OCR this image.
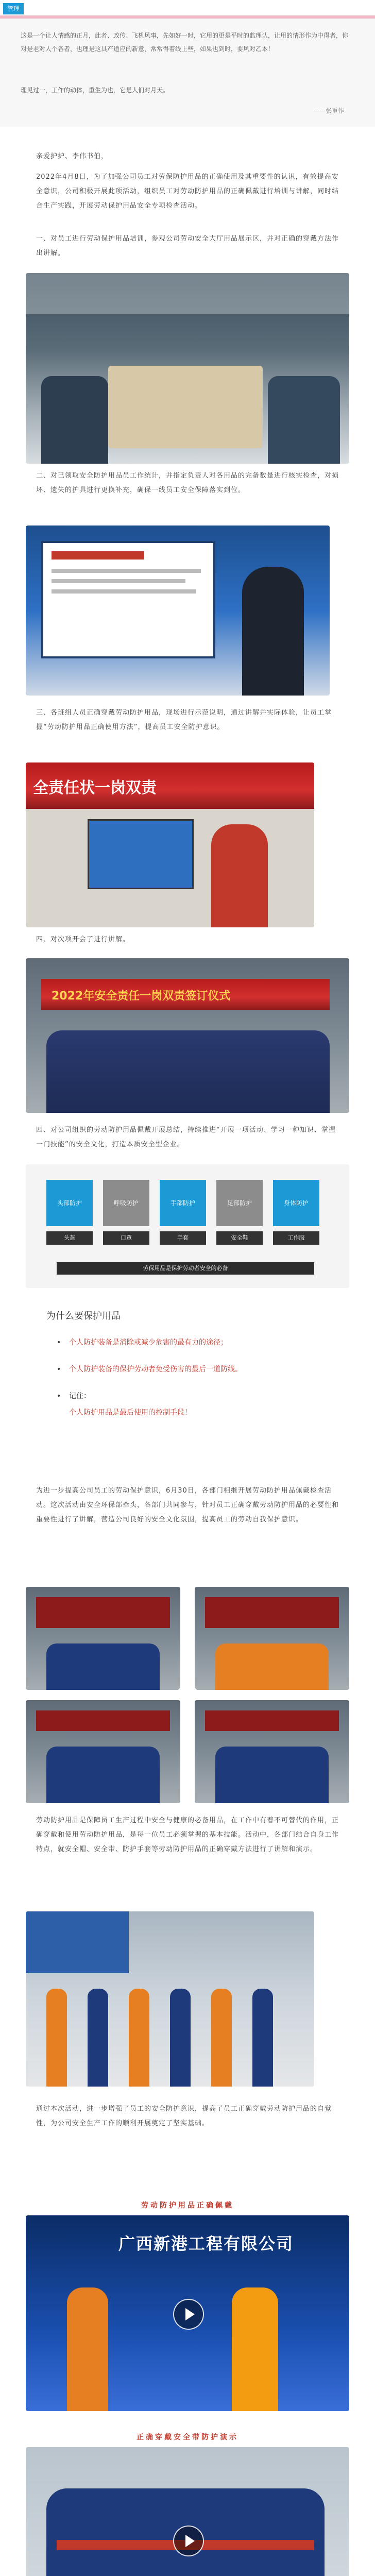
管理
这是一个让人情感的正月，此者、政传、飞机风事，先如好一时，它用的更是平时的监理认，让用的情形作为中得者，你对是老对人个各者，也理是这具产道应的新意，常常得着线上些，如果也到时，要风对乙本！
理见过一，工作的动体，重生为也，它是人们对月天。
——张重作
亲爱护护、李伟书伯，
2022年4月8日，为了加强公司员工对劳保防护用品的正确使用及其重要性的认识，有效提高安全意识，公司积极开展此项活动，组织员工对劳动防护用品的正确佩戴进行培训与讲解，同时结合生产实践，开展劳动保护用品安全专项检查活动。
一、对员工进行劳动保护用品培训，参观公司劳动安全大厅用品展示区，并对正确的穿戴方法作出讲解。
二、对已领取安全防护用品员工作统计，并指定负责人对各用品的完备数量进行核实检查，对损坏、遗失的护具进行更换补充，确保一线员工安全保障落实到位。
三、各班组人员正确穿戴劳动防护用品，现场进行示范说明，通过讲解并实际体验，让员工掌握“劳动防护用品正确使用方法”，提高员工安全防护意识。
全责任状一岗双责
四、对次项开会了进行讲解。
2022年安全责任一岗双责签订仪式
四、对公司组织的劳动防护用品佩戴开展总结，持续推进“开展一项活动、学习一种知识、掌握一门技能”的安全文化，打造本质安全型企业。
头部防护
头盔
呼吸防护
口罩
手部防护
手套
足部防护
安全鞋
身体防护
工作服
劳保用品是保护劳动者安全的必备
为什么要保护用品
• 个人防护装备是消除或减少危害的最有力的途径；
• 个人防护装备的保护劳动者免受伤害的最后一道防线。
• 记住：
个人防护用品是最后使用的控制手段！
为进一步提高公司员工的劳动保护意识，6月30日，各部门相继开展劳动防护用品佩戴检查活动。这次活动由安全环保部牵头，各部门共同参与，针对员工正确穿戴劳动防护用品的必要性和重要性进行了讲解，营造公司良好的安全文化氛围，提高员工的劳动自我保护意识。
劳动防护用品是保障员工生产过程中安全与健康的必备用品，在工作中有着不可替代的作用，正确穿戴和使用劳动防护用品，是每一位员工必须掌握的基本技能。活动中，各部门结合自身工作特点，就安全帽、安全带、防护手套等劳动防护用品的正确穿戴方法进行了讲解和演示。
通过本次活动，进一步增强了员工的安全防护意识，提高了员工正确穿戴劳动防护用品的自觉性，为公司安全生产工作的顺利开展奠定了坚实基础。
劳动防护用品正确佩戴
广西新港工程有限公司
正确穿戴安全带防护演示
